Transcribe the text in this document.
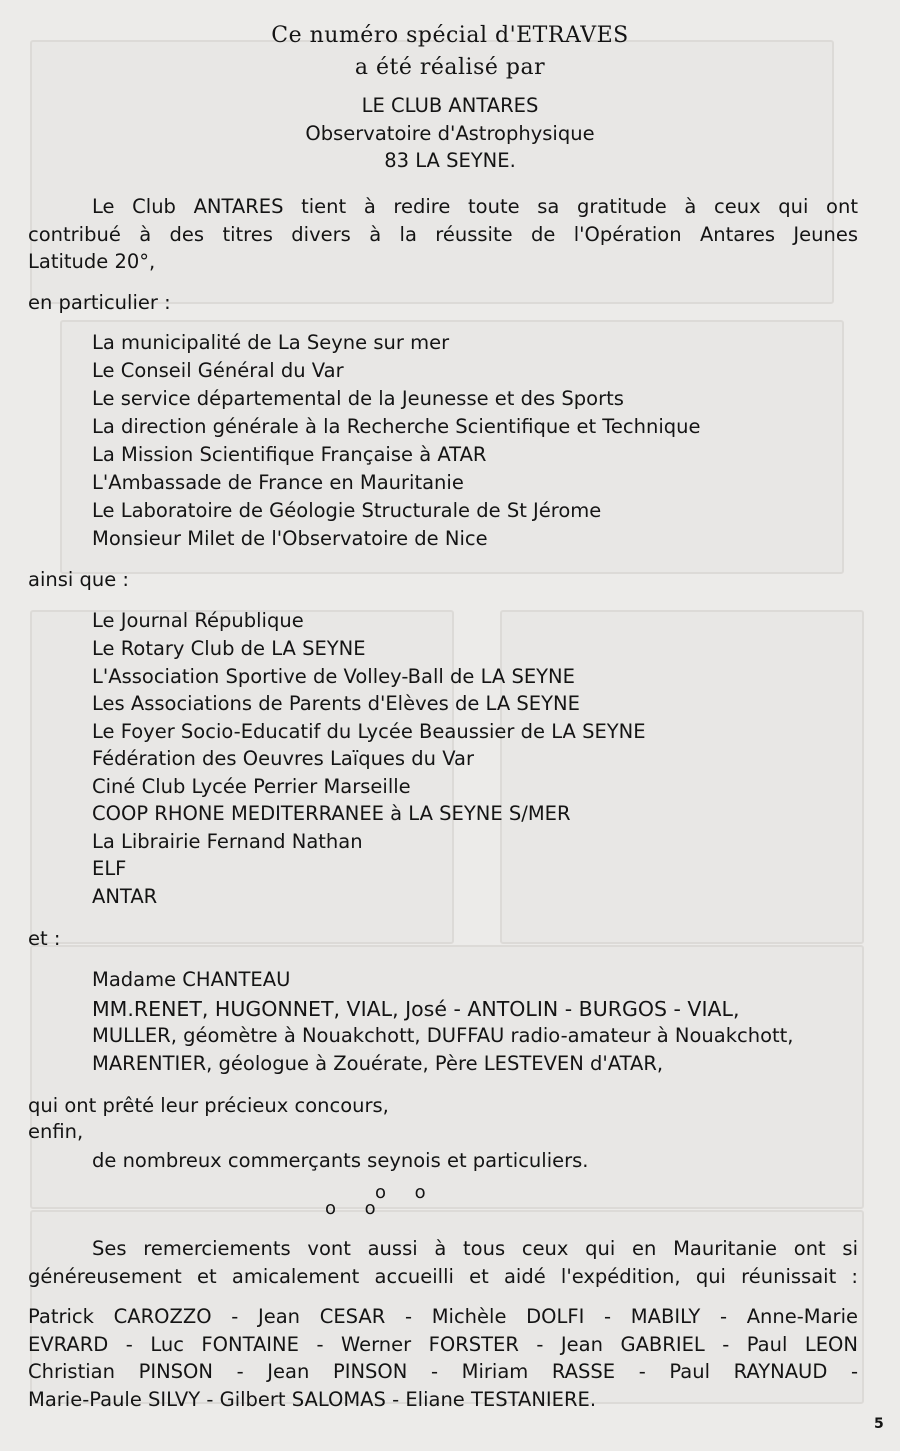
Ce numéro spécial d'ETRAVES
a été réalisé par
LE CLUB ANTARES
Observatoire d'Astrophysique
83 LA SEYNE.
Le Club ANTARES tient à redire toute sa gratitude à ceux qui ont
contribué à des titres divers à la réussite de l'Opération Antares Jeunes
Latitude 20°,
en particulier :
La municipalité de La Seyne sur mer
Le Conseil Général du Var
Le service départemental de la Jeunesse et des Sports
La direction générale à la Recherche Scientifique et Technique
La Mission Scientifique Française à ATAR
L'Ambassade de France en Mauritanie
Le Laboratoire de Géologie Structurale de St Jérome
Monsieur Milet de l'Observatoire de Nice
ainsi que :
Le Journal République
Le Rotary Club de LA SEYNE
L'Association Sportive de Volley-Ball de LA SEYNE
Les Associations de Parents d'Elèves de LA SEYNE
Le Foyer Socio-Educatif du Lycée Beaussier de LA SEYNE
Fédération des Oeuvres Laïques du Var
Ciné Club Lycée Perrier Marseille
COOP RHONE MEDITERRANEE à LA SEYNE S/MER
La Librairie Fernand Nathan
ELF
ANTAR
et :
Madame CHANTEAU
MM.RENET, HUGONNET, VIAL, José - ANTOLIN - BURGOS - VIAL,
MULLER, géomètre à Nouakchott, DUFFAU radio-amateur à Nouakchott,
MARENTIER, géologue à Zouérate, Père LESTEVEN d'ATAR,
qui ont prêté leur précieux concours,
enfin,
de nombreux commerçants seynois et particuliers.
o     o
o     o
Ses remerciements vont aussi à tous ceux qui en Mauritanie ont si
généreusement et amicalement accueilli et aidé l'expédition, qui réunissait :
Patrick CAROZZO - Jean CESAR - Michèle DOLFI - MABILY - Anne-Marie
EVRARD - Luc FONTAINE - Werner FORSTER - Jean GABRIEL - Paul LEON
Christian PINSON - Jean PINSON - Miriam RASSE - Paul RAYNAUD -
Marie-Paule SILVY - Gilbert SALOMAS - Eliane TESTANIERE.
5
